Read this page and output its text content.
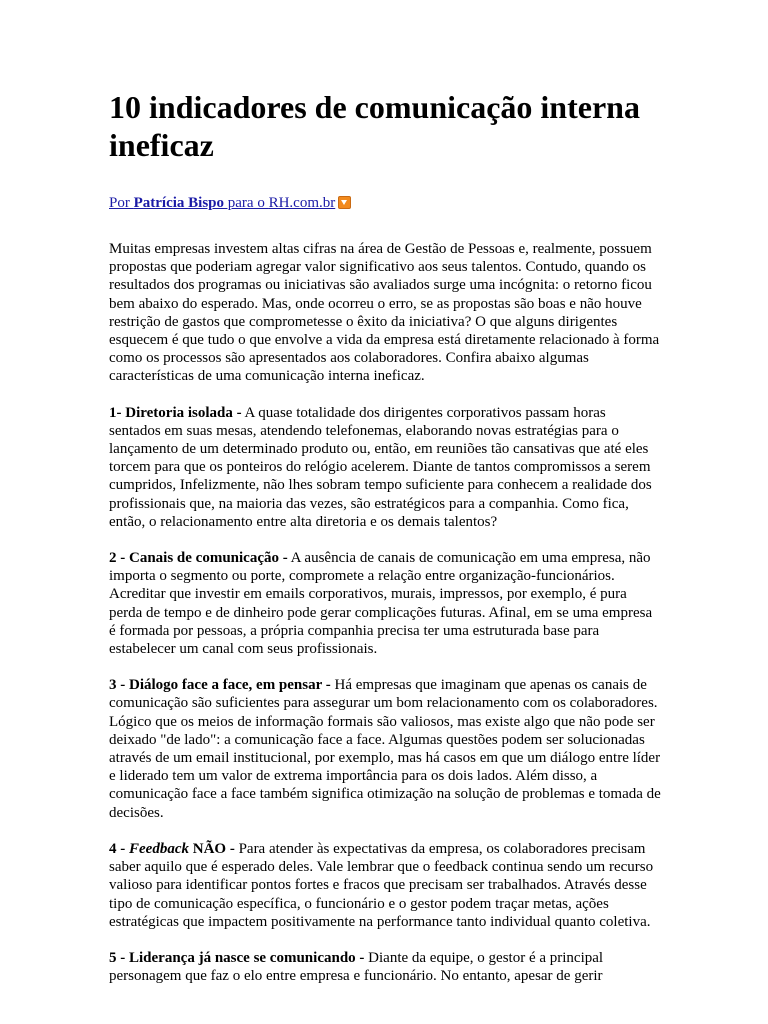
10 indicadores de comunicação interna ineficaz
Por Patrícia Bispo para o RH.com.br

Muitas empresas investem altas cifras na área de Gestão de Pessoas e, realmente, possuem propostas que poderiam agregar valor significativo aos seus talentos. Contudo, quando os resultados dos programas ou iniciativas são avaliados surge uma incógnita: o retorno ficou bem abaixo do esperado. Mas, onde ocorreu o erro, se as propostas são boas e não houve restrição de gastos que comprometesse o êxito da iniciativa? O que alguns dirigentes esquecem é que tudo o que envolve a vida da empresa está diretamente relacionado à forma como os processos são apresentados aos colaboradores. Confira abaixo algumas características de uma comunicação interna ineficaz.

1- Diretoria isolada - A quase totalidade dos dirigentes corporativos passam horas sentados em suas mesas, atendendo telefonemas, elaborando novas estratégias para o lançamento de um determinado produto ou, então, em reuniões tão cansativas que até eles torcem para que os ponteiros do relógio acelerem. Diante de tantos compromissos a serem cumpridos, Infelizmente, não lhes sobram tempo suficiente para conhecem a realidade dos profissionais que, na maioria das vezes, são estratégicos para a companhia. Como fica, então, o relacionamento entre alta diretoria e os demais talentos?

2 - Canais de comunicação - A ausência de canais de comunicação em uma empresa, não importa o segmento ou porte, compromete a relação entre organização-funcionários. Acreditar que investir em emails corporativos, murais, impressos, por exemplo, é pura perda de tempo e de dinheiro pode gerar complicações futuras. Afinal, em se uma empresa é formada por pessoas, a própria companhia precisa ter uma estruturada base para estabelecer um canal com seus profissionais.

3 - Diálogo face a face, em pensar - Há empresas que imaginam que apenas os canais de comunicação são suficientes para assegurar um bom relacionamento com os colaboradores. Lógico que os meios de informação formais são valiosos, mas existe algo que não pode ser deixado "de lado": a comunicação face a face. Algumas questões podem ser solucionadas através de um email institucional, por exemplo, mas há casos em que um diálogo entre líder e liderado tem um valor de extrema importância para os dois lados. Além disso, a comunicação face a face também significa otimização na solução de problemas e tomada de decisões.

4 - Feedback NÃO - Para atender às expectativas da empresa, os colaboradores precisam saber aquilo que é esperado deles. Vale lembrar que o feedback continua sendo um recurso valioso para identificar pontos fortes e fracos que precisam ser trabalhados. Através desse tipo de comunicação específica, o funcionário e o gestor podem traçar metas, ações estratégicas que impactem positivamente na performance tanto individual quanto coletiva.

5 - Liderança já nasce se comunicando - Diante da equipe, o gestor é a principal personagem que faz o elo entre empresa e funcionário. No entanto, apesar de gerir
